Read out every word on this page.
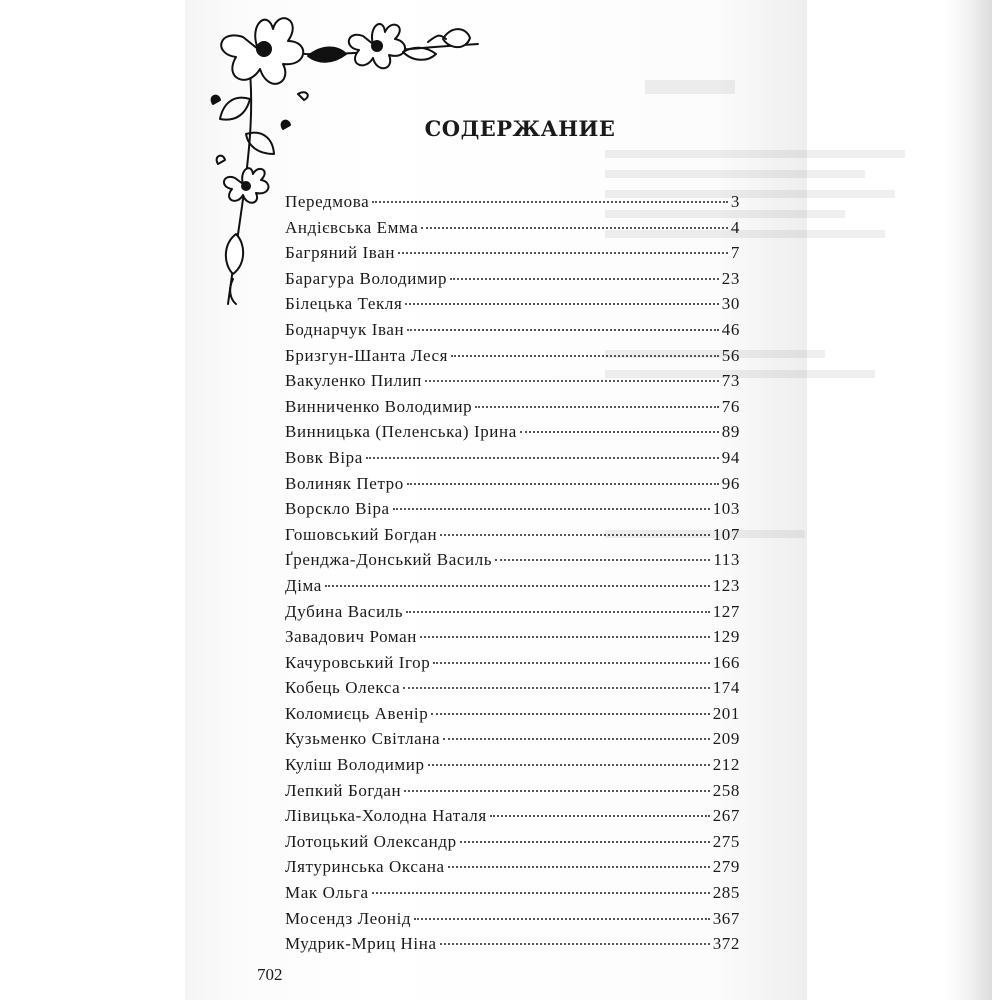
СОДЕРЖАНИЕ
Передмова	3
Андієвська Емма	4
Багряний Іван	7
Барагура Володимир	23
Білецька Текля	30
Боднарчук Іван	46
Бризгун-Шанта Леся	56
Вакуленко Пилип	73
Винниченко Володимир	76
Винницька (Пеленська) Ірина	89
Вовк Віра	94
Волиняк Петро	96
Ворскло Віра	103
Гошовський Богдан	107
Ґренджа-Донський Василь	113
Діма	123
Дубина Василь	127
Завадович Роман	129
Качуровський Ігор	166
Кобець Олекса	174
Коломиєць Авенір	201
Кузьменко Світлана	209
Куліш Володимир	212
Лепкий Богдан	258
Лівицька-Холодна Наталя	267
Лотоцький Олександр	275
Лятуринська Оксана	279
Мак Ольга	285
Мосендз Леонід	367
Мудрик-Мриц Ніна	372
702
